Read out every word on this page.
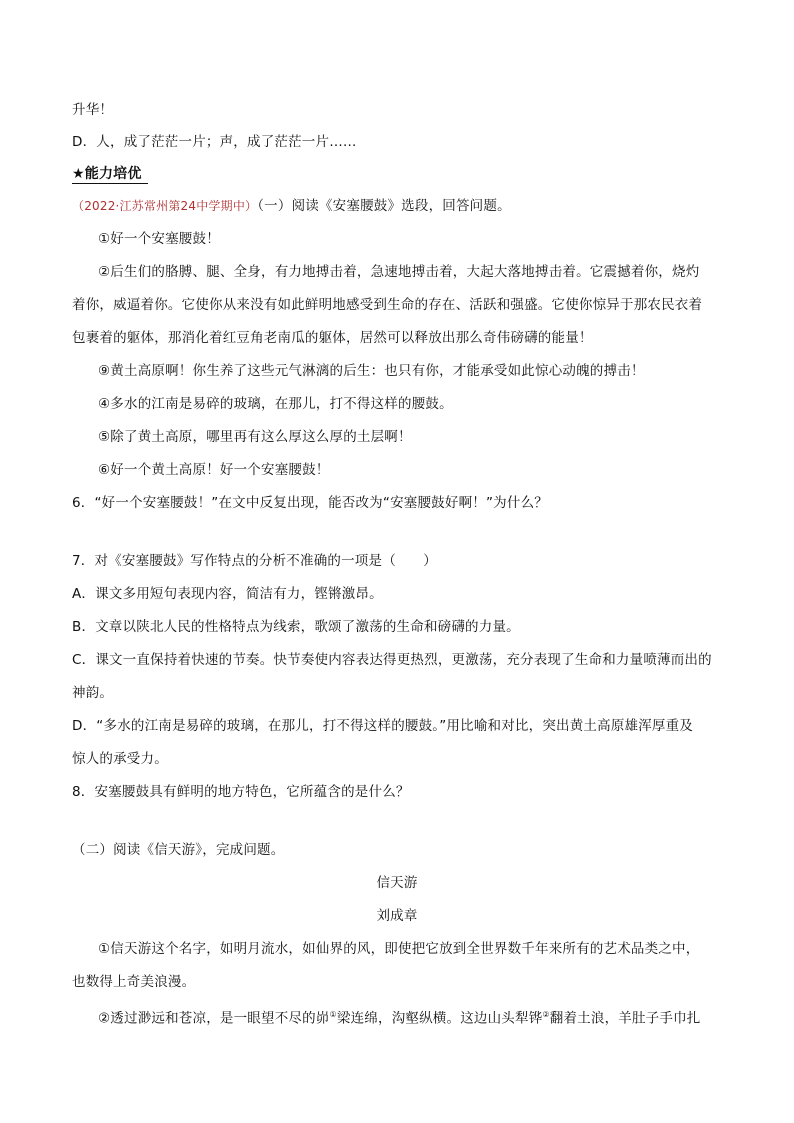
升华！
D．人，成了茫茫一片；声，成了茫茫一片……
★能力培优
（2022·江苏常州第24中学期中）（一）阅读《安塞腰鼓》选段，回答问题。
①好一个安塞腰鼓！
②后生们的胳膊、腿、全身，有力地搏击着，急速地搏击着，大起大落地搏击着。它震撼着你，烧灼
着你，威逼着你。它使你从来没有如此鲜明地感受到生命的存在、活跃和强盛。它使你惊异于那农民衣着
包裹着的躯体，那消化着红豆角老南瓜的躯体，居然可以释放出那么奇伟磅礴的能量！
⑨黄土高原啊！你生养了这些元气淋漓的后生：也只有你，才能承受如此惊心动魄的搏击！
④多水的江南是易碎的玻璃，在那儿，打不得这样的腰鼓。
⑤除了黄土高原，哪里再有这么厚这么厚的土层啊！
⑥好一个黄土高原！好一个安塞腰鼓！
6．“好一个安塞腰鼓！”在文中反复出现，能否改为“安塞腰鼓好啊！”为什么？
7．对《安塞腰鼓》写作特点的分析不准确的一项是（　　）
A．课文多用短句表现内容，简洁有力，铿锵激昂。
B．文章以陕北人民的性格特点为线索，歌颂了激荡的生命和磅礴的力量。
C．课文一直保持着快速的节奏。快节奏使内容表达得更热烈，更激荡，充分表现了生命和力量喷薄而出的
神韵。
D．“多水的江南是易碎的玻璃，在那儿，打不得这样的腰鼓。”用比喻和对比，突出黄土高原雄浑厚重及
惊人的承受力。
8．安塞腰鼓具有鲜明的地方特色，它所蕴含的是什么？
（二）阅读《信天游》，完成问题。
信天游
刘成章
①信天游这个名字，如明月流水，如仙界的风，即使把它放到全世界数千年来所有的艺术品类之中，
也数得上奇美浪漫。
②透过渺远和苍凉，是一眼望不尽的峁①梁连绵，沟壑纵横。这边山头犁铧②翻着土浪，羊肚子手巾扎
